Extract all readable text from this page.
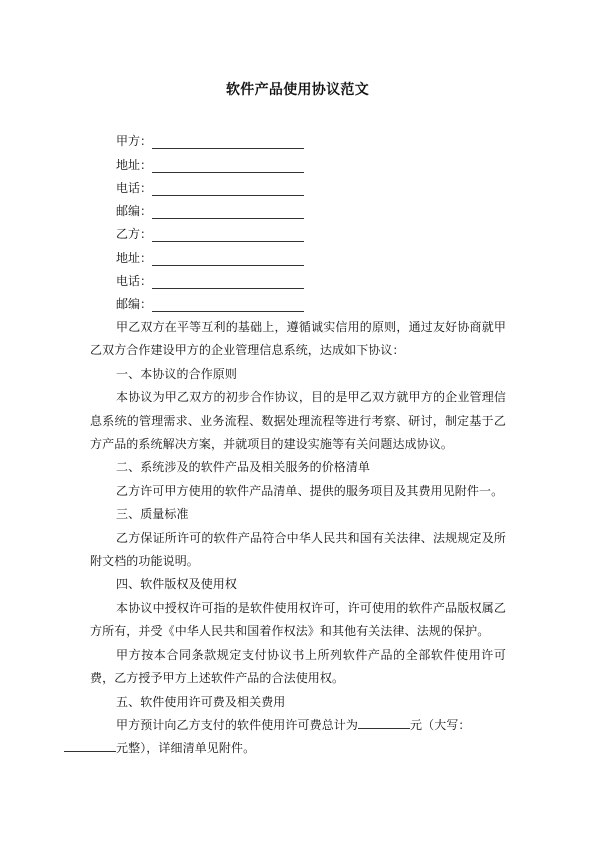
软件产品使用协议范文
甲方：
地址：
电话：
邮编：
乙方：
地址：
电话：
邮编：

甲乙双方在平等互利的基础上，遵循诚实信用的原则，通过友好协商就甲乙双方合作建设甲方的企业管理信息系统，达成如下协议：

一、本协议的合作原则

本协议为甲乙双方的初步合作协议，目的是甲乙双方就甲方的企业管理信息系统的管理需求、业务流程、数据处理流程等进行考察、研讨，制定基于乙方产品的系统解决方案，并就项目的建设实施等有关问题达成协议。

二、系统涉及的软件产品及相关服务的价格清单

乙方许可甲方使用的软件产品清单、提供的服务项目及其费用见附件一。

三、质量标准

乙方保证所许可的软件产品符合中华人民共和国有关法律、法规规定及所附文档的功能说明。

四、软件版权及使用权

本协议中授权许可指的是软件使用权许可，许可使用的软件产品版权属乙方所有，并受《中华人民共和国着作权法》和其他有关法律、法规的保护。

甲方按本合同条款规定支付协议书上所列软件产品的全部软件使用许可费，乙方授予甲方上述软件产品的合法使用权。

五、软件使用许可费及相关费用

甲方预计向乙方支付的软件使用许可费总计为	元（大写：
元整），详细清单见附件。
